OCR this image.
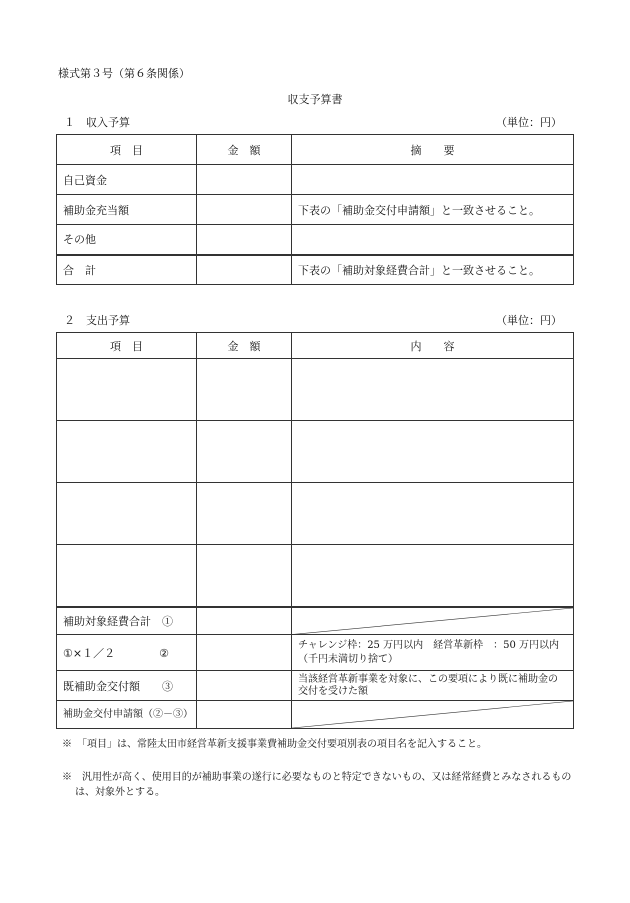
様式第３号（第６条関係）
収支予算書
１　収入予算	（単位：円）
項　目	金　額	摘　　要
自己資金		
補助金充当額		下表の「補助金交付申請額」と一致させること。
その他		
合　計		下表の「補助対象経費合計」と一致させること。
２　支出予算	（単位：円）
項　目	金　額	内　　容

補助対象経費合計　①		

①×１／２　　　　②		チャレンジ枠：25 万円以内　経営革新枠　：50 万円以内（千円未満切り捨て）
既補助金交付額　　③		当該経営革新事業を対象に、この要項により既に補助金の交付を受けた額
補助金交付申請額（②－③）		
※　「項目」は、常陸太田市経営革新支援事業費補助金交付要項別表の項目名を記入すること。
※　汎用性が高く、使用目的が補助事業の遂行に必要なものと特定できないもの、又は経常経費とみなされるものは、対象外とする。
